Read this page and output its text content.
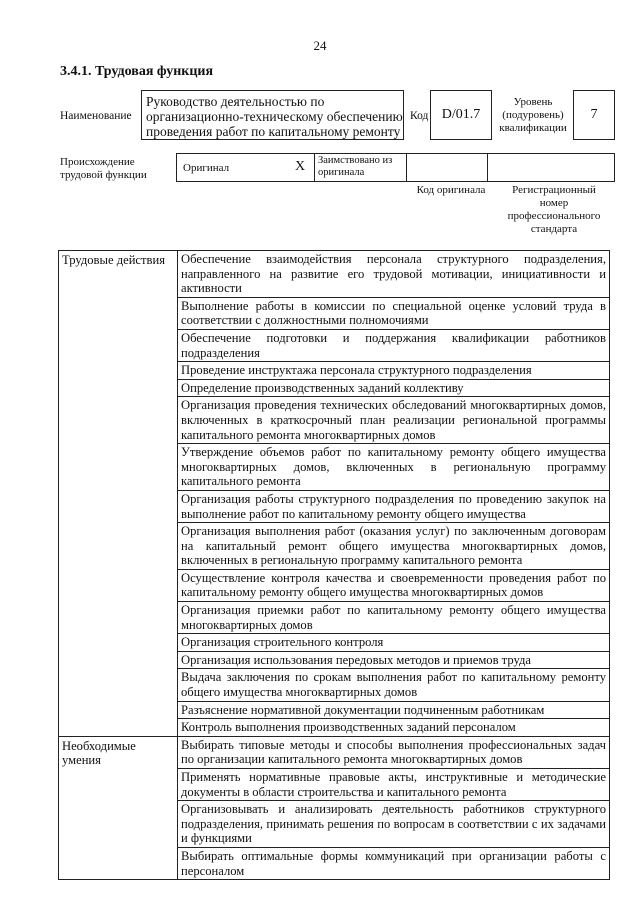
24
3.4.1. Трудовая функция
Наименование
Руководство деятельностью по
организационно-техническому обеспечению
проведения работ по капитальному ремонту
Код D/01.7
Уровень
(подуровень)
квалификации
7
Происхождение
трудовой функции
Оригинал	X Заимствовано из
оригинала
Код оригинала	Регистрационный
номер
профессионального
стандарта
Трудовые действия	Обеспечение взаимодействия персонала структурного подразделения, направленного на развитие его трудовой мотивации, инициативности и активности
	Выполнение работы в комиссии по специальной оценке условий труда в соответствии с должностными полномочиями
	Обеспечение подготовки и поддержания квалификации работников подразделения
	Проведение инструктажа персонала структурного подразделения
	Определение производственных заданий коллективу
	Организация проведения технических обследований многоквартирных домов, включенных в краткосрочный план реализации региональной программы капитального ремонта многоквартирных домов
	Утверждение объемов работ по капитальному ремонту общего имущества многоквартирных домов, включенных в региональную программу капитального ремонта
	Организация работы структурного подразделения по проведению закупок на выполнение работ по капитальному ремонту общего имущества
	Организация выполнения работ (оказания услуг) по заключенным договорам на капитальный ремонт общего имущества многоквартирных домов, включенных в региональную программу капитального ремонта
	Осуществление контроля качества и своевременности проведения работ по капитальному ремонту общего имущества многоквартирных домов
	Организация приемки работ по капитальному ремонту общего имущества многоквартирных домов
	Организация строительного контроля
	Организация использования передовых методов и приемов труда
	Выдача заключения по срокам выполнения работ по капитальному ремонту общего имущества многоквартирных домов
	Разъяснение нормативной документации подчиненным работникам
	Контроль выполнения производственных заданий персоналом
Необходимые умения	Выбирать типовые методы и способы выполнения профессиональных задач по организации капитального ремонта многоквартирных домов
	Применять нормативные правовые акты, инструктивные и методические документы в области строительства и капитального ремонта
	Организовывать и анализировать деятельность работников структурного подразделения, принимать решения по вопросам в соответствии с их задачами и функциями
	Выбирать оптимальные формы коммуникаций при организации работы с персоналом
